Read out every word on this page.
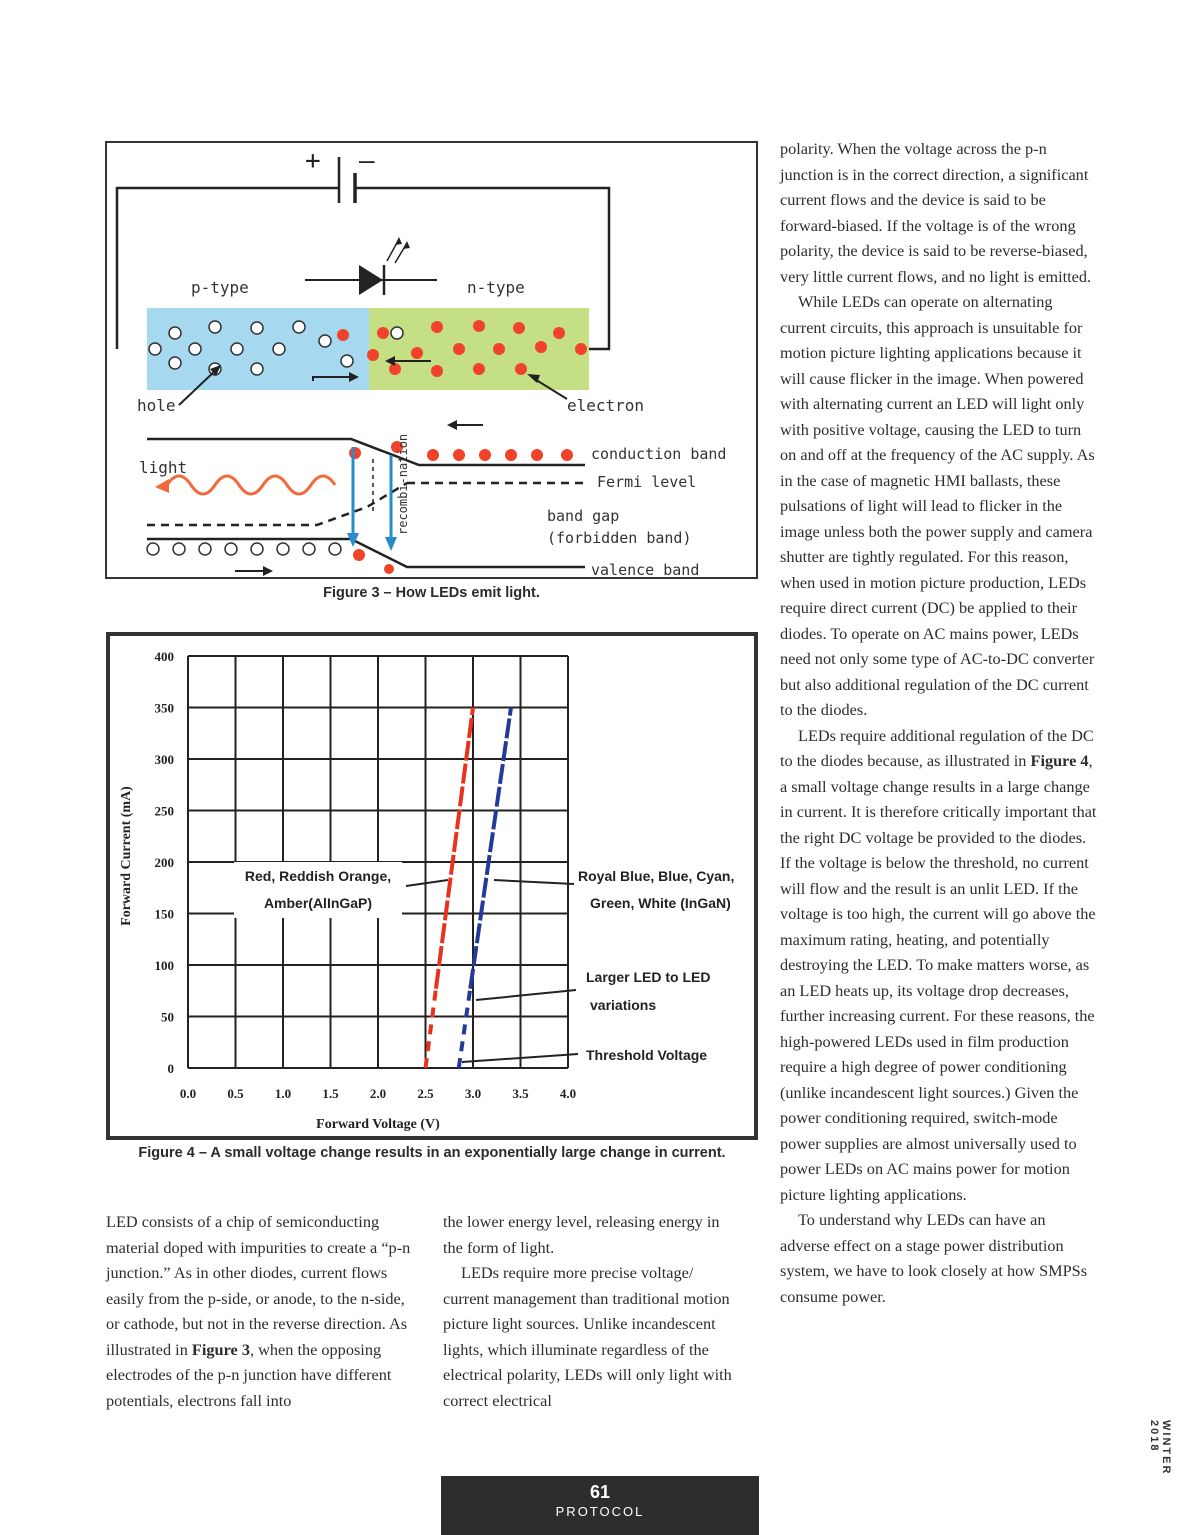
+ –
p-type	n-type
hole	electron
recombi-nation
light
conduction band
Fermi level
band gap
(forbidden band)
valence band
Figure 3 – How LEDs emit light.
0.0 0.5 1.0 1.5 2.0 2.5 3.0 3.5 4.0
0
50
100
150
200
250
300
350
400
Red, Reddish Orange,
Amber(AlInGaP)
Royal Blue, Blue, Cyan,
Green, White (InGaN)
Larger LED to LED
variations
Threshold Voltage
Forward Voltage (V)
Forward Current (mA)
Figure 4 – A small voltage change results in an exponentially large change in current.

LED consists of a chip of semiconducting material doped with impurities to create a “p-n junction.” As in other diodes, current flows easily from the p-side, or anode, to the n-side, or cathode, but not in the reverse direction. As illustrated in Figure 3, when the opposing electrodes of the p-n junction have different potentials, electrons fall into

the lower energy level, releasing energy in the form of light.

LEDs require more precise voltage/ current management than traditional motion picture light sources. Unlike incandescent lights, which illuminate regardless of the electrical polarity, LEDs will only light with correct electrical

polarity. When the voltage across the p-n junction is in the correct direction, a significant current flows and the device is said to be forward-biased. If the voltage is of the wrong polarity, the device is said to be reverse-biased, very little current flows, and no light is emitted.

While LEDs can operate on alternating current circuits, this approach is unsuitable for motion picture lighting applications because it will cause flicker in the image. When powered with alternating current an LED will light only with positive voltage, causing the LED to turn on and off at the frequency of the AC supply. As in the case of magnetic HMI ballasts, these pulsations of light will lead to flicker in the image unless both the power supply and camera shutter are tightly regulated. For this reason, when used in motion picture production, LEDs require direct current (DC) be applied to their diodes. To operate on AC mains power, LEDs need not only some type of AC-to-DC converter but also additional regulation of the DC current to the diodes.

LEDs require additional regulation of the DC to the diodes because, as illustrated in Figure 4, a small voltage change results in a large change in current. It is therefore critically important that the right DC voltage be provided to the diodes. If the voltage is below the threshold, no current will flow and the result is an unlit LED. If the voltage is too high, the current will go above the maximum rating, heating, and potentially destroying the LED. To make matters worse, as an LED heats up, its voltage drop decreases, further increasing current. For these reasons, the high-powered LEDs used in film production require a high degree of power conditioning (unlike incandescent light sources.) Given the power conditioning required, switch-mode power supplies are almost universally used to power LEDs on AC mains power for motion picture lighting applications.

To understand why LEDs can have an adverse effect on a stage power distribution system, we have to look closely at how SMPSs consume power.

61
PROTOCOL
WINTER 2018
